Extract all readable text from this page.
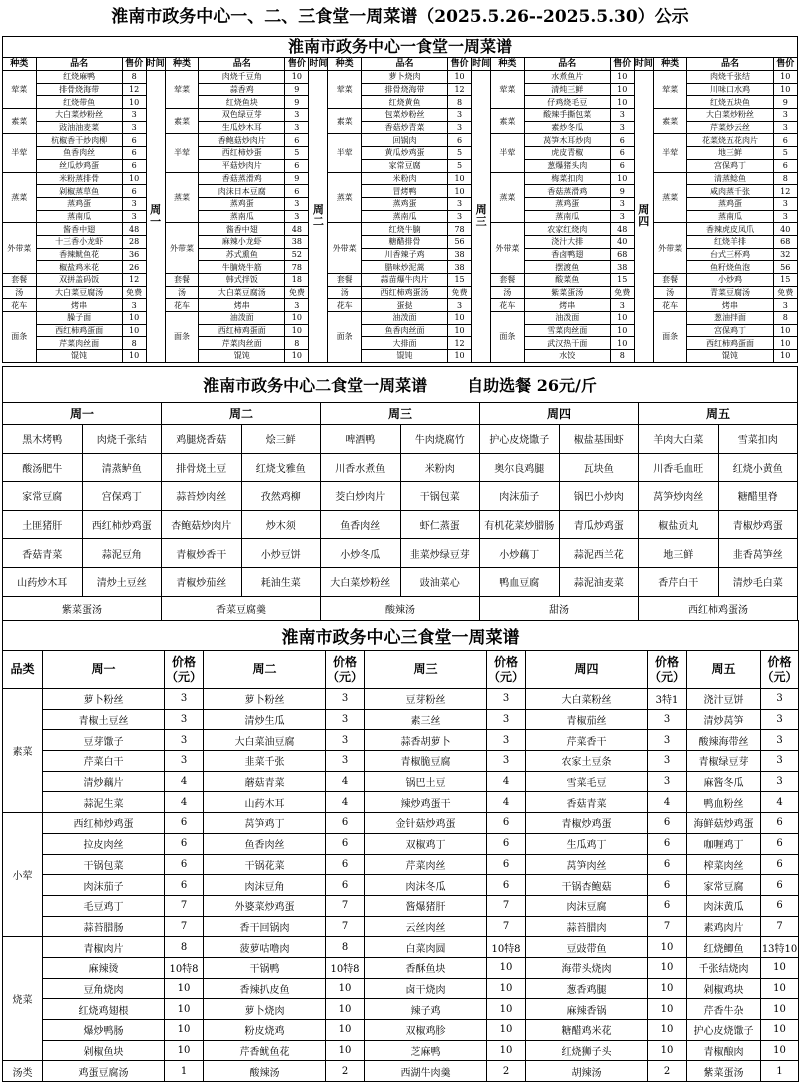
淮南市政务中心一、二、三食堂一周菜谱（2025.5.26--2025.5.30）公示
淮南市政务中心一食堂一周菜谱																		
种类	品名	售价	时间	种类	品名	售价	时间	种类	品名	售价	时间	种类	品名	售价	时间	种类	品名	售价
荤菜	红烧麻鸭	8	周一	荤菜	肉烧千豆角	10	周二	荤菜	萝卜烧肉	10	周三	荤菜	水煮鱼片	10	周四	荤菜	肉烧千张结	10
	排骨烧海带	12			蒜香鸡	9			排骨烧海带	12			清炖三鲜	10			川味口水鸡	10
	红烧带鱼	10			红烧鱼块	9			红烧黄鱼	8			仔鸡烧毛豆	10			红烧五块鱼	9
素菜	大白菜炒粉丝	3		素菜	双色绿豆芽	3		素菜	包菜炒粉丝	3		素菜	酸辣手撕包菜	3		素菜	大白菜炒粉丝	3
	豉油油麦菜	3			生瓜炒木耳	3			香菇炒青菜	3			素炒冬瓜	3			芹菜炒云丝	3
半荤	杭椒香干炒肉柳	6		半荤	香鲍菇炒肉片	6		半荤	回锅肉	6		半荤	莴笋木耳炒肉	6		半荤	花菜烧五花肉片	6
	鱼香肉丝	6			西红柿炒蛋	5			黄瓜炒鸡蛋	5			虎皮青椒	6			地三鲜	5
	丝瓜炒鸡蛋	6			平菇炒肉片	6			家常豆腐	5			葱爆猪头肉	6			宫保鸡丁	6
蒸菜	米粉蒸排骨	10		蒸菜	香菇蒸滑鸡	9		蒸菜	米粉肉	10		蒸菜	梅菜扣肉	10		蒸菜	清蒸鲶鱼	8
	剁椒蒸草鱼	6			肉沫日本豆腐	6			冒烤鸭	10			香菇蒸滑鸡	9			咸肉蒸千张	12
	蒸鸡蛋	3			蒸鸡蛋	3			蒸鸡蛋	3			蒸鸡蛋	3			蒸鸡蛋	3
	蒸南瓜	3			蒸南瓜	3			蒸南瓜	3			蒸南瓜	3			蒸南瓜	3
外带菜	酱香中翅	48		外带菜	酱香中翅	48		外带菜	红烧牛腩	78		外带菜	农家红烧肉	48		外带菜	香辣虎皮凤爪	40
	十三香小龙虾	28			麻辣小龙虾	38			糖醋排骨	56			浇汁大排	40			红烧羊排	68
	香辣鱿鱼花	36			苏式熏鱼	52			川香辣子鸡	38			香卤鸭翅	68			台式三杯鸡	32
	椒盐鸡米花	26			牛腩烧牛筋	78			腊味炒泥蒿	38			摆渡鱼	38			鱼籽烧鱼泡	56
套餐	双拼盖码饭	12		套餐	韩式拌饭	18		套餐	蒜苗爆牛肉片	15		套餐	酸菜鱼	15		套餐	小炒鸡	15
汤	大白菜豆腐汤	免费		汤	大白菜豆腐汤	免费		汤	西红柿鸡蛋汤	免费		汤	紫菜蛋汤	免费		汤	青菜豆腐汤	免费
花车	烤串	3		花车	烤串	3		花车	蛋挞	3		花车	烤串	3		花车	烤串	3
面条	臊子面	10		面条	油泼面	10		面条	油泼面	10		面条	油泼面	10		面条	葱油拌面	8
	西红柿鸡蛋面	10			西红柿鸡蛋面	10			鱼香肉丝面	10			雪菜肉丝面	10			宫保鸡丁	10
	芹菜肉丝面	8			芹菜肉丝面	8			大排面	12			武汉热干面	10			西红柿鸡蛋面	10
	馄饨	10			馄饨	10			馄饨	10			水饺	8			馄饨	10
淮南市政务中心二食堂一周菜谱 自助选餐 26元/斤									
周一		周二		周三		周四		周五	
黑木烤鸭	肉烧千张结	鸡腿烧香菇	烩三鲜	啤酒鸭	牛肉烧腐竹	护心皮烧馓子	椒盐基围虾	羊肉大白菜	雪菜扣肉
酸汤肥牛	清蒸鲈鱼	排骨烧土豆	红烧戈雅鱼	川香水煮鱼	米粉肉	奥尔良鸡腿	瓦块鱼	川香毛血旺	红烧小黄鱼
家常豆腐	宫保鸡丁	蒜苔炒肉丝	孜然鸡柳	茭白炒肉片	干锅包菜	肉沫茄子	锅巴小炒肉	莴笋炒肉丝	糖醋里脊
土匪猪肝	西红柿炒鸡蛋	杏鲍菇炒肉片	炒木须	鱼香肉丝	虾仁蒸蛋	有机花菜炒腊肠	青瓜炒鸡蛋	椒盐贡丸	青椒炒鸡蛋
香菇青菜	蒜泥豆角	青椒炒香干	小炒豆饼	小炒冬瓜	韭菜炒绿豆芽	小炒藕丁	蒜泥西兰花	地三鲜	韭香莴笋丝
山药炒木耳	清炒土豆丝	青椒炒茄丝	耗油生菜	大白菜炒粉丝	豉油菜心	鸭血豆腐	蒜泥油麦菜	香芹白干	清炒毛白菜
紫菜蛋汤		香菜豆腐羹		酸辣汤		甜汤		西红柿鸡蛋汤	
淮南市政务中心三食堂一周菜谱										
品类	周一	价格（元）	周二	价格（元）	周三	价格（元）	周四	价格（元）	周五	价格（元）
素菜	萝卜粉丝	3	萝卜粉丝	3	豆芽粉丝	3	大白菜粉丝	3特1	浇汁豆饼	3
	青椒土豆丝	3	清炒生瓜	3	素三丝	3	青椒茄丝	3	清炒莴笋	3
	豆芽馓子	3	大白菜油豆腐	3	蒜香胡萝卜	3	芹菜香干	3	酸辣海带丝	3
	芹菜白干	3	韭菜千张	3	青椒脆豆腐	3	农家土豆条	3	青椒绿豆芽	3
	清炒藕片	4	蘑菇青菜	4	锅巴土豆	4	雪菜毛豆	3	麻酱冬瓜	3
	蒜泥生菜	4	山药木耳	4	辣炒鸡蛋干	4	香菇青菜	4	鸭血粉丝	4
小荤	西红柿炒鸡蛋	6	莴笋鸡丁	6	金针菇炒鸡蛋	6	青椒炒鸡蛋	6	海鲜菇炒鸡蛋	6
	拉皮肉丝	6	鱼香肉丝	6	双椒鸡丁	6	生瓜鸡丁	6	咖喱鸡丁	6
	干锅包菜	6	干锅花菜	6	芹菜肉丝	6	莴笋肉丝	6	榨菜肉丝	6
	肉沫茄子	6	肉沫豆角	6	肉沫冬瓜	6	干锅杏鲍菇	6	家常豆腐	6
	毛豆鸡丁	7	外婆菜炒鸡蛋	7	酱爆猪肝	7	肉沫豆腐	6	肉沫黄瓜	6
	蒜苔腊肠	7	香干回锅肉	7	云丝肉丝	7	蒜苔腊肉	7	素鸡肉片	7
烧菜	青椒肉片	8	菠萝咕噜肉	8	白菜肉圆	10特8	豆豉带鱼	10	红烧鲫鱼	13特10
	麻辣烫	10特8	干锅鸭	10特8	香酥鱼块	10	海带头烧肉	10	千张结烧肉	10
	豆角烧肉	10	香辣扒皮鱼	10	卤干烧肉	10	葱香鸡腿	10	剁椒鸡块	10
	红烧鸡翅根	10	萝卜烧肉	10	辣子鸡	10	麻辣香锅	10	芹香牛杂	10
	爆炒鸭肠	10	粉皮烧鸡	10	双椒鸡胗	10	糖醋鸡米花	10	护心皮烧馓子	10
	剁椒鱼块	10	芹香鱿鱼花	10	芝麻鸭	10	红烧狮子头	10	青椒酿肉	10
汤类	鸡蛋豆腐汤	1	酸辣汤	2	西湖牛肉羹	2	胡辣汤	2	紫菜蛋汤	1
